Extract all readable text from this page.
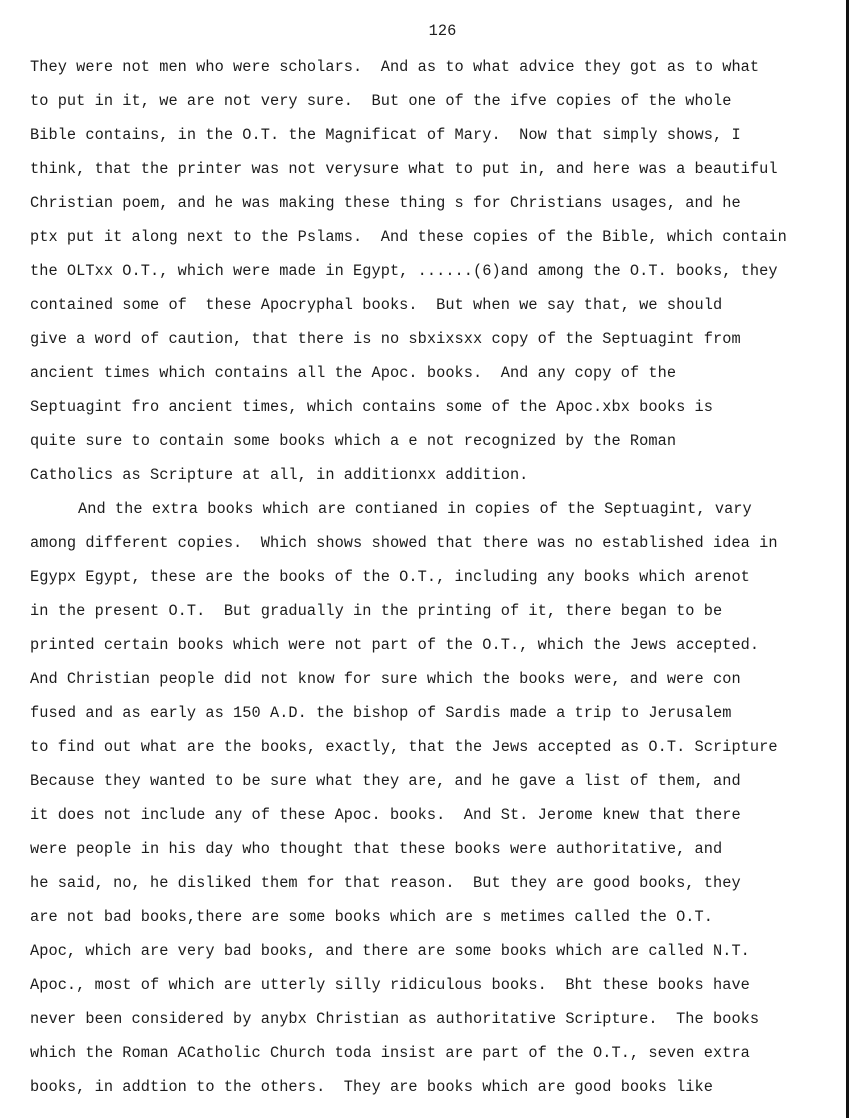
126
They were not men who were scholars.  And as to what advice they got as to what
to put in it, we are not very sure.  But one of the ifve copies of the whole
Bible contains, in the O.T. the Magnificat of Mary.  Now that simply shows, I
think, that the printer was not verysure what to put in, and here was a beautiful
Christian poem, and he was making these thing s for Christians usages, and he
ptx put it along next to the Pslams.  And these copies of the Bible, which contain
the OLTxx O.T., which were made in Egypt, ......(6)and among the O.T. books, they
contained some of  these Apocryphal books.  But when we say that, we should
give a word of caution, that there is no sbxixsxx copy of the Septuagint from
ancient times which contains all the Apoc. books.  And any copy of the
Septuagint fro ancient times, which contains some of the Apoc.xbx books is
quite sure to contain some books which a e not recognized by the Roman
Catholics as Scripture at all, in additionxx addition.
And the extra books which are contianed in copies of the Septuagint, vary
among different copies.  Which shows showed that there was no established idea in
Egypx Egypt, these are the books of the O.T., including any books which arenot
in the present O.T.  But gradually in the printing of it, there began to be
printed certain books which were not part of the O.T., which the Jews accepted.
And Christian people did not know for sure which the books were, and were con
fused and as early as 150 A.D. the bishop of Sardis made a trip to Jerusalem
to find out what are the books, exactly, that the Jews accepted as O.T. Scripture
Because they wanted to be sure what they are, and he gave a list of them, and
it does not include any of these Apoc. books.  And St. Jerome knew that there
were people in his day who thought that these books were authoritative, and
he said, no, he disliked them for that reason.  But they are good books, they
are not bad books,there are some books which are s metimes called the O.T.
Apoc, which are very bad books, and there are some books which are called N.T.
Apoc., most of which are utterly silly ridiculous books.  Bht these books have
never been considered by anybx Christian as authoritative Scripture.  The books
which the Roman ACatholic Church toda insist are part of the O.T., seven extra
books, in addtion to the others.  They are books which are good books like
